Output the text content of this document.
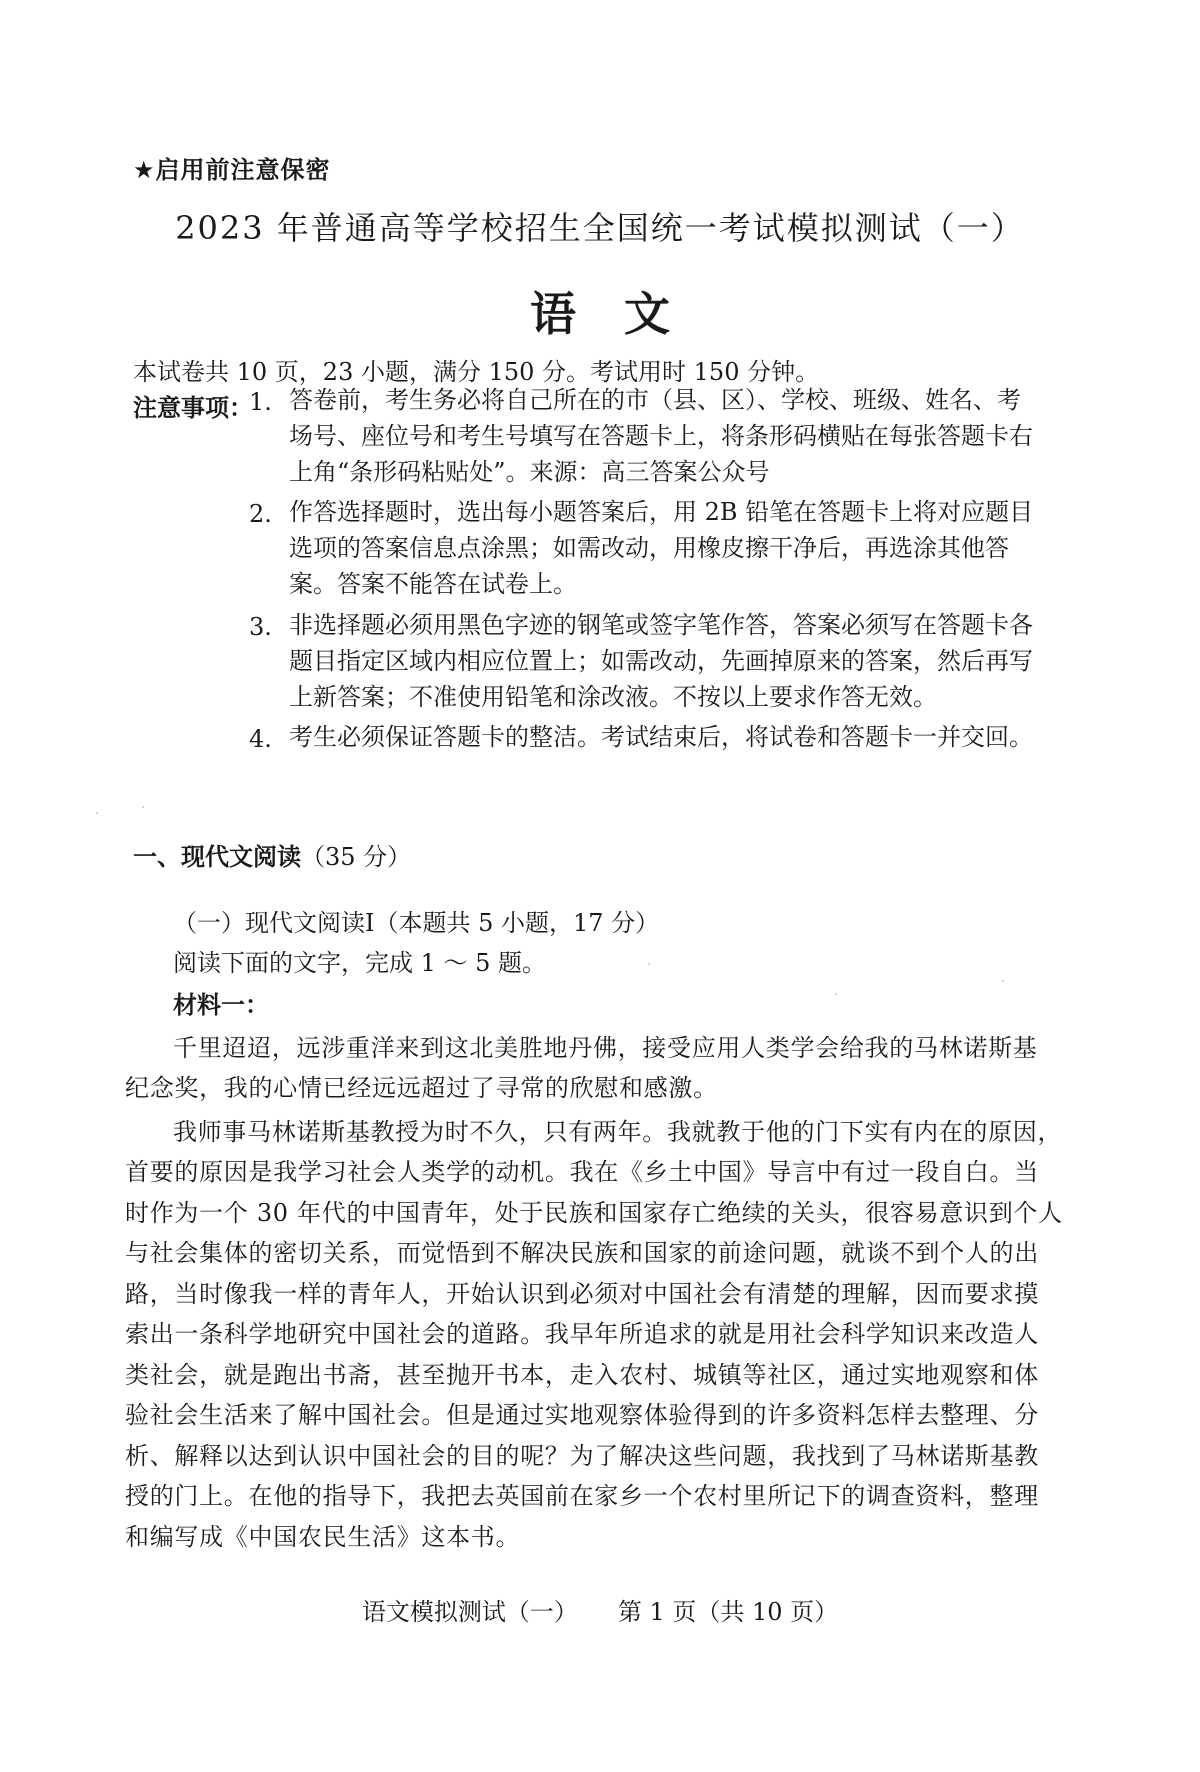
★启用前注意保密
2023 年普通高等学校招生全国统一考试模拟测试（一）
语文
本试卷共 10 页，23 小题，满分 150 分。考试用时 150 分钟。
注意事项：
1. 答卷前，考生务必将自己所在的市（县、区）、学校、班级、姓名、考
场号、座位号和考生号填写在答题卡上，将条形码横贴在每张答题卡右
上角“条形码粘贴处”。来源：高三答案公众号
2. 作答选择题时，选出每小题答案后，用 2B 铅笔在答题卡上将对应题目
选项的答案信息点涂黑；如需改动，用橡皮擦干净后，再选涂其他答
案。答案不能答在试卷上。
3. 非选择题必须用黑色字迹的钢笔或签字笔作答，答案必须写在答题卡各
题目指定区域内相应位置上；如需改动，先画掉原来的答案，然后再写
上新答案；不准使用铅笔和涂改液。不按以上要求作答无效。
4. 考生必须保证答题卡的整洁。考试结束后，将试卷和答题卡一并交回。
一、现代文阅读（35 分）
（一）现代文阅读Ⅰ（本题共 5 小题，17 分）
阅读下面的文字，完成 1 ～ 5 题。
材料一：
千里迢迢，远涉重洋来到这北美胜地丹佛，接受应用人类学会给我的马林诺斯基
纪念奖，我的心情已经远远超过了寻常的欣慰和感激。
我师事马林诺斯基教授为时不久，只有两年。我就教于他的门下实有内在的原因，
首要的原因是我学习社会人类学的动机。我在《乡土中国》导言中有过一段自白。当
时作为一个 30 年代的中国青年，处于民族和国家存亡绝续的关头，很容易意识到个人
与社会集体的密切关系，而觉悟到不解决民族和国家的前途问题，就谈不到个人的出
路，当时像我一样的青年人，开始认识到必须对中国社会有清楚的理解，因而要求摸
索出一条科学地研究中国社会的道路。我早年所追求的就是用社会科学知识来改造人
类社会，就是跑出书斋，甚至抛开书本，走入农村、城镇等社区，通过实地观察和体
验社会生活来了解中国社会。但是通过实地观察体验得到的许多资料怎样去整理、分
析、解释以达到认识中国社会的目的呢？为了解决这些问题，我找到了马林诺斯基教
授的门上。在他的指导下，我把去英国前在家乡一个农村里所记下的调查资料，整理
和编写成《中国农民生活》这本书。
语文模拟测试（一） 第 1 页（共 10 页）
